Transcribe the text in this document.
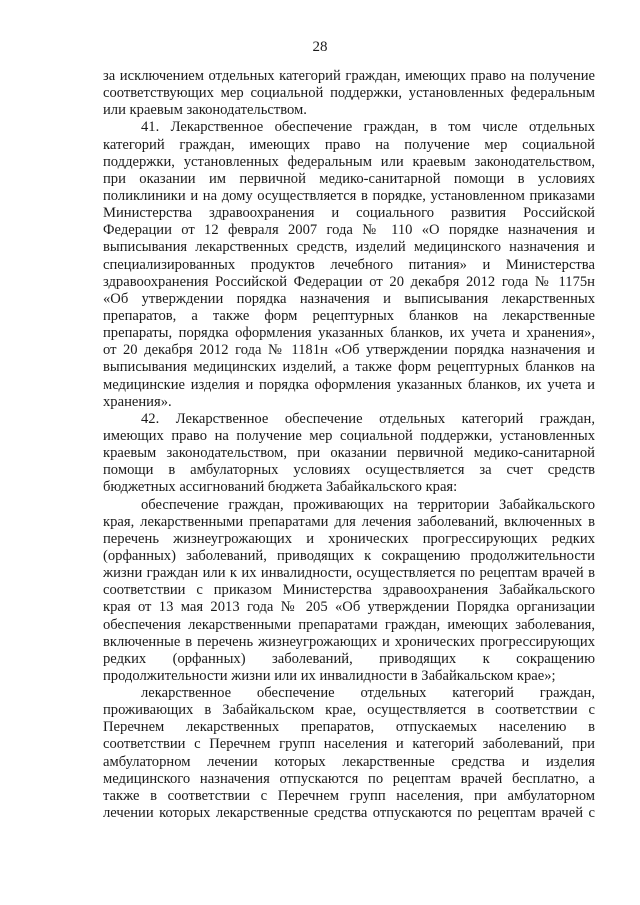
28
за исключением отдельных категорий граждан, имеющих право на получение
соответствующих мер социальной поддержки, установленных федеральным
или краевым законодательством.
41. Лекарственное обеспечение граждан, в том числе отдельных
категорий граждан, имеющих право на получение мер социальной
поддержки, установленных федеральным или краевым законодательством,
при оказании им первичной медико-санитарной помощи в условиях
поликлиники и на дому осуществляется в порядке, установленном приказами
Министерства здравоохранения и социального развития Российской
Федерации от 12 февраля 2007 года № 110 «О порядке назначения и
выписывания лекарственных средств, изделий медицинского назначения и
специализированных продуктов лечебного питания» и Министерства
здравоохранения Российской Федерации от 20 декабря 2012 года № 1175н
«Об утверждении порядка назначения и выписывания лекарственных
препаратов, а также форм рецептурных бланков на лекарственные
препараты, порядка оформления указанных бланков, их учета и хранения»,
от 20 декабря 2012 года № 1181н «Об утверждении порядка назначения и
выписывания медицинских изделий, а также форм рецептурных бланков на
медицинские изделия и порядка оформления указанных бланков, их учета и
хранения».
42. Лекарственное обеспечение отдельных категорий граждан,
имеющих право на получение мер социальной поддержки, установленных
краевым законодательством, при оказании первичной медико-санитарной
помощи в амбулаторных условиях осуществляется за счет средств
бюджетных ассигнований бюджета Забайкальского края:
обеспечение граждан, проживающих на территории Забайкальского
края, лекарственными препаратами для лечения заболеваний, включенных в
перечень жизнеугрожающих и хронических прогрессирующих редких
(орфанных) заболеваний, приводящих к сокращению продолжительности
жизни граждан или к их инвалидности, осуществляется по рецептам врачей в
соответствии с приказом Министерства здравоохранения Забайкальского
края от 13 мая 2013 года № 205 «Об утверждении Порядка организации
обеспечения лекарственными препаратами граждан, имеющих заболевания,
включенные в перечень жизнеугрожающих и хронических прогрессирующих
редких (орфанных) заболеваний, приводящих к сокращению
продолжительности жизни или их инвалидности в Забайкальском крае»;
лекарственное обеспечение отдельных категорий граждан,
проживающих в Забайкальском крае, осуществляется в соответствии с
Перечнем лекарственных препаратов, отпускаемых населению в
соответствии с Перечнем групп населения и категорий заболеваний, при
амбулаторном лечении которых лекарственные средства и изделия
медицинского назначения отпускаются по рецептам врачей бесплатно, а
также в соответствии с Перечнем групп населения, при амбулаторном
лечении которых лекарственные средства отпускаются по рецептам врачей с
